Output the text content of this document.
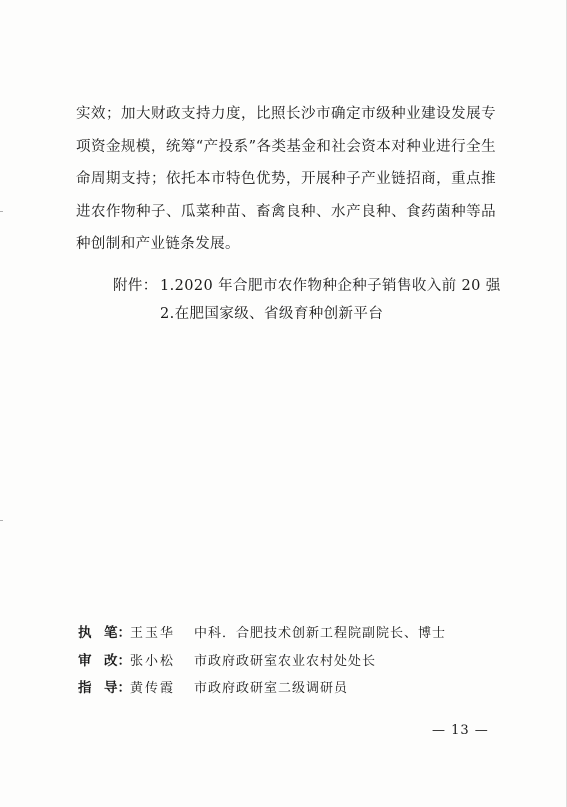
实效；加大财政支持力度，比照长沙市确定市级种业建设发展专
项资金规模，统筹“产投系”各类基金和社会资本对种业进行全生
命周期支持；依托本市特色优势，开展种子产业链招商，重点推
进农作物种子、瓜菜种苗、畜禽良种、水产良种、食药菌种等品
种创制和产业链条发展。
附件： 1.2020 年合肥市农作物种企种子销售收入前 20 强
2.在肥国家级、省级育种创新平台
执 笔： 王玉华	中科．合肥技术创新工程院副院长、博士
审 改： 张小松	市政府政研室农业农村处处长
指 导： 黄传霞	市政府政研室二级调研员
— 13 —
